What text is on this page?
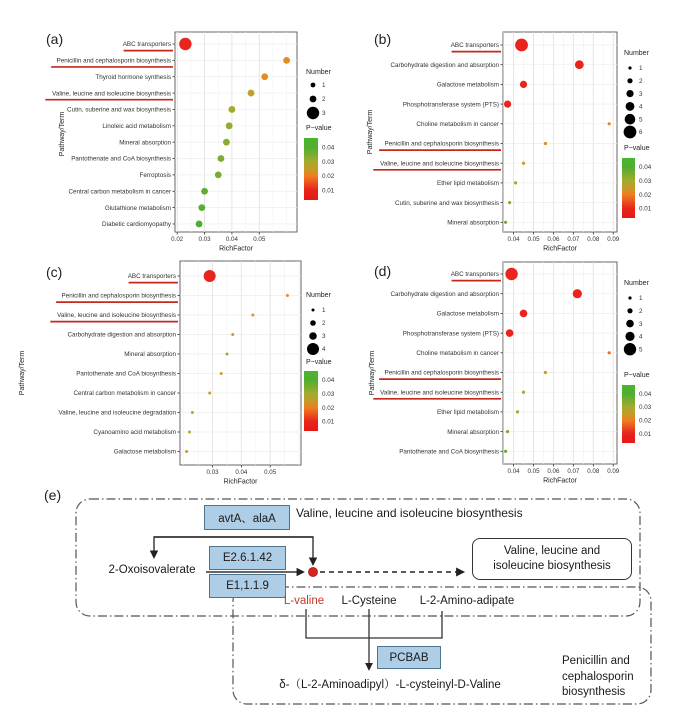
(a)	ABC transporters
Penicillin and cephalosporin biosynthesis
Thyroid hormone synthesis
Valine, leucine and isoleucine biosynthesis
Cutin, suberine and wax biosynthesis
Linoleic acid metabolism
Mineral absorption
Pantothenate and CoA biosynthesis
Ferroptosis
Central carbon metabolism in cancer
Glutathione metabolism
Diabetic cardiomyopathy
0.02 0.03 0.04 0.05
RichFactor
Pathway/Term
Number
1
2
3
P−value
0.04
0.03
0.02
0.01
(b)	ABC transporters
Carbohydrate digestion and absorption
Galactose metabolism
Phosphotransferase system (PTS)
Choline metabolism in cancer
Penicillin and cephalosporin biosynthesis
Valine, leucine and isoleucine biosynthesis
Ether lipid metabolism
Cutin, suberine and wax biosynthesis
Mineral absorption
0.04 0.05 0.06 0.07 0.08 0.09
RichFactor
Pathway/Term
Number
1
2
3
4
5
6
P−value
0.04
0.03
0.02
0.01
(c)	ABC transporters
Penicillin and cephalosporin biosynthesis
Valine, leucine and isoleucine biosynthesis
Carbohydrate digestion and absorption
Mineral absorption
Pantothenate and CoA biosynthesis
Central carbon metabolism in cancer
Valine, leucine and isoleucine degradation
Cyanoamino acid metabolism
Galactose metabolism
0.03	0.04	0.05
RichFactor
Pathway/Term
Number
1
2
3
4
P−value
0.04
0.03
0.02
0.01
(d)	ABC transporters
Carbohydrate digestion and absorption
Galactose metabolism
Phosphotransferase system (PTS)
Choline metabolism in cancer
Penicillin and cephalosporin biosynthesis
Valine, leucine and isoleucine biosynthesis
Ether lipid metabolism
Mineral absorption
Pantothenate and CoA biosynthesis
0.04 0.05 0.06 0.07 0.08 0.09
RichFactor
Pathway/Term
Number
1
2
3
4
5
P−value
0.04
0.03
0.02
0.01
(e)
Valine, leucine and isoleucine biosynthesis
avtA、alaA
E2.6.1.42
E1,1.1.9
PCBAB
2-Oxoisovalerate
L-valine	L-Cysteine	L-2-Amino-adipate
Valine, leucine and
isoleucine biosynthesis
δ-（L-2-Aminoadipyl）-L-cysteinyl-D-Valine
Penicillin and
cephalosporin
biosynthesis
